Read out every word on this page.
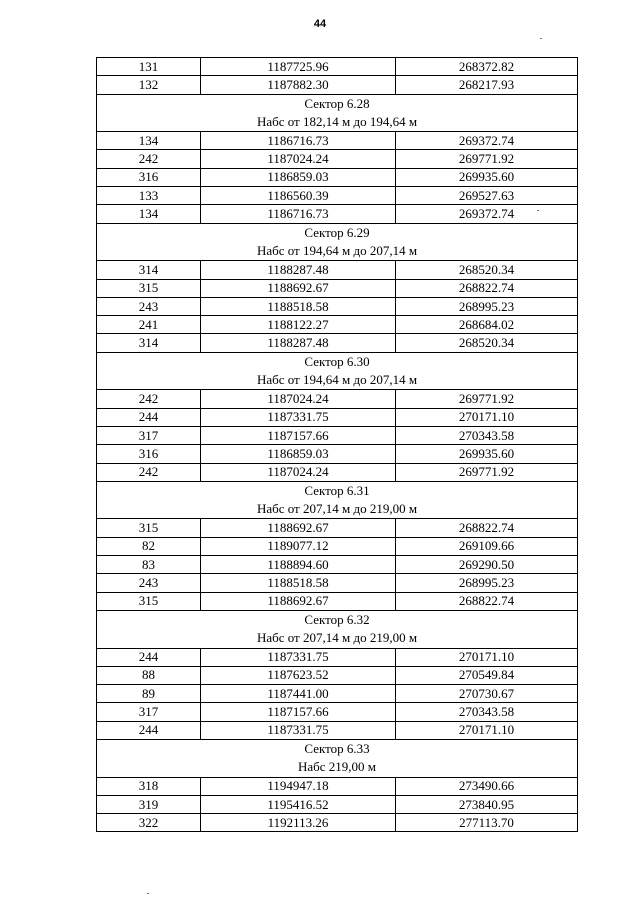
44
131	1187725.96	268372.82
132	1187882.30	268217.93

Сектор 6.28
Набс от 182,14 м до 194,64 м		

134	1186716.73	269372.74
242	1187024.24	269771.92
316	1186859.03	269935.60
133	1186560.39	269527.63
134	1186716.73	269372.74

Сектор 6.29
Набс от 194,64 м до 207,14 м		

314	1188287.48	268520.34
315	1188692.67	268822.74
243	1188518.58	268995.23
241	1188122.27	268684.02
314	1188287.48	268520.34

Сектор 6.30
Набс от 194,64 м до 207,14 м		

242	1187024.24	269771.92
244	1187331.75	270171.10
317	1187157.66	270343.58
316	1186859.03	269935.60
242	1187024.24	269771.92

Сектор 6.31
Набс от 207,14 м до 219,00 м		

315	1188692.67	268822.74
82	1189077.12	269109.66
83	1188894.60	269290.50
243	1188518.58	268995.23
315	1188692.67	268822.74

Сектор 6.32
Набс от 207,14 м до 219,00 м		

244	1187331.75	270171.10
88	1187623.52	270549.84
89	1187441.00	270730.67
317	1187157.66	270343.58
244	1187331.75	270171.10

Сектор 6.33
Набс 219,00 м		

318	1194947.18	273490.66
319	1195416.52	273840.95
322	1192113.26	277113.70
